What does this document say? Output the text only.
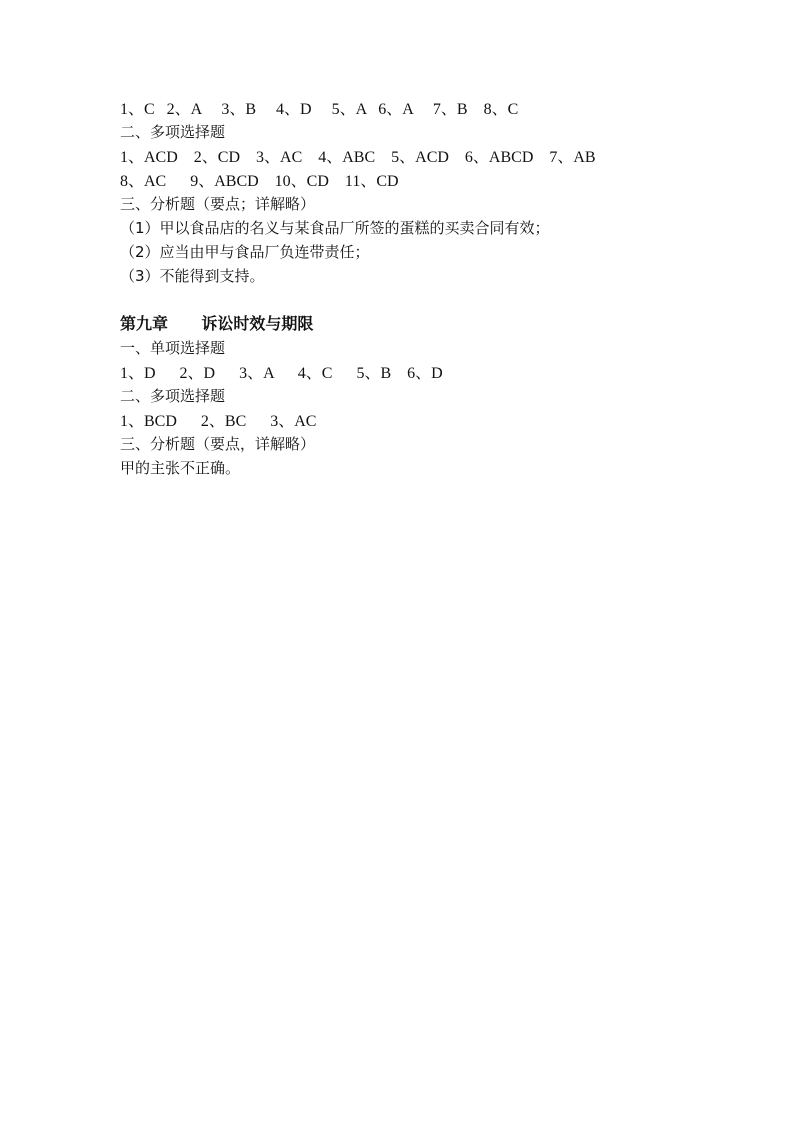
1、C   2、A     3、B     4、D     5、A   6、A     7、B    8、C
二、多项选择题
1、ACD    2、CD    3、AC    4、ABC    5、ACD    6、ABCD    7、AB
8、AC      9、ABCD    10、CD    11、CD
三、分析题（要点；详解略）
（1）甲以食品店的名义与某食品厂所签的蛋糕的买卖合同有效；
（2）应当由甲与食品厂负连带责任；
（3）不能得到支持。
第九章      诉讼时效与期限
一、单项选择题
1、D      2、D      3、A      4、C      5、B    6、D
二、多项选择题
1、BCD      2、BC      3、AC
三、分析题（要点，详解略）
甲的主张不正确。
